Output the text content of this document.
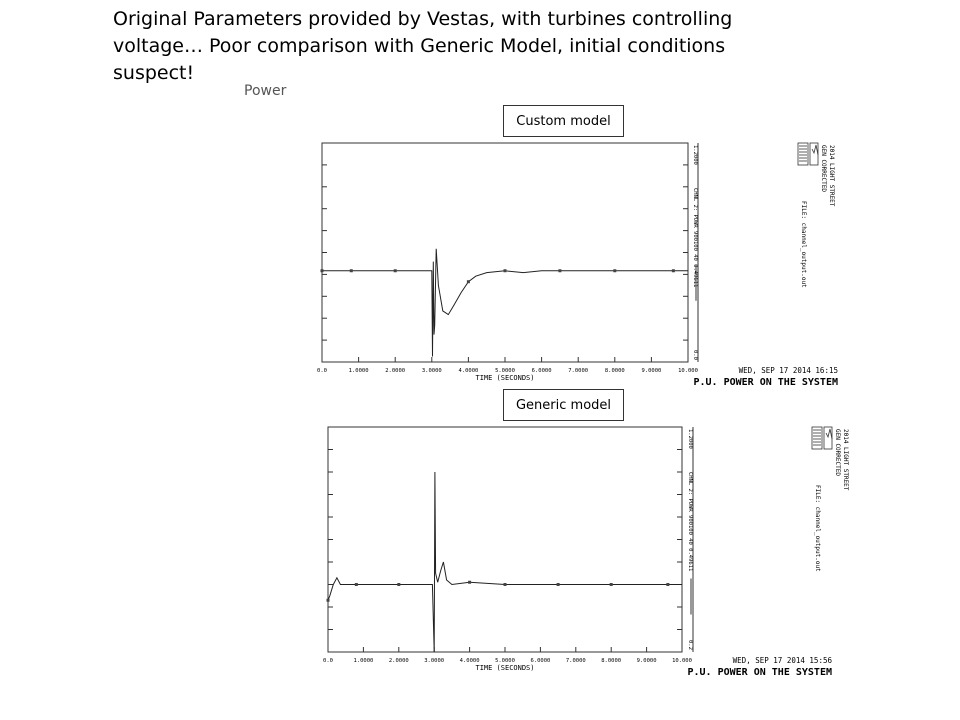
Original Parameters provided by Vestas, with turbines controlling
voltage… Poor comparison with Generic Model, initial conditions
suspect!
Power
Custom model
Generic model
0.0	1.0000	2.0000	3.0000	4.0000	5.0000	6.0000	7.0000	8.0000	9.0000	10.000
TIME (SECONDS)
WED, SEP 17 2014 16:15
P.U. POWER ON THE SYSTEM
1.2000
0.0
CHNL 2: POWR 900100 40 0.49611
2014 LIGHT STREET
GEN CORRECTED
FILE: channel_output.out
0.0	1.0000	2.0000	3.0000	4.0000	5.0000	6.0000	7.0000	8.0000	9.0000	10.000
TIME (SECONDS)
WED, SEP 17 2014 15:56
P.U. POWER ON THE SYSTEM
1.2000
0.2
CHNL 2: POWR 900100 40 0.49611
2014 LIGHT STREET
GEN CORRECTED
FILE: channel_output.out
